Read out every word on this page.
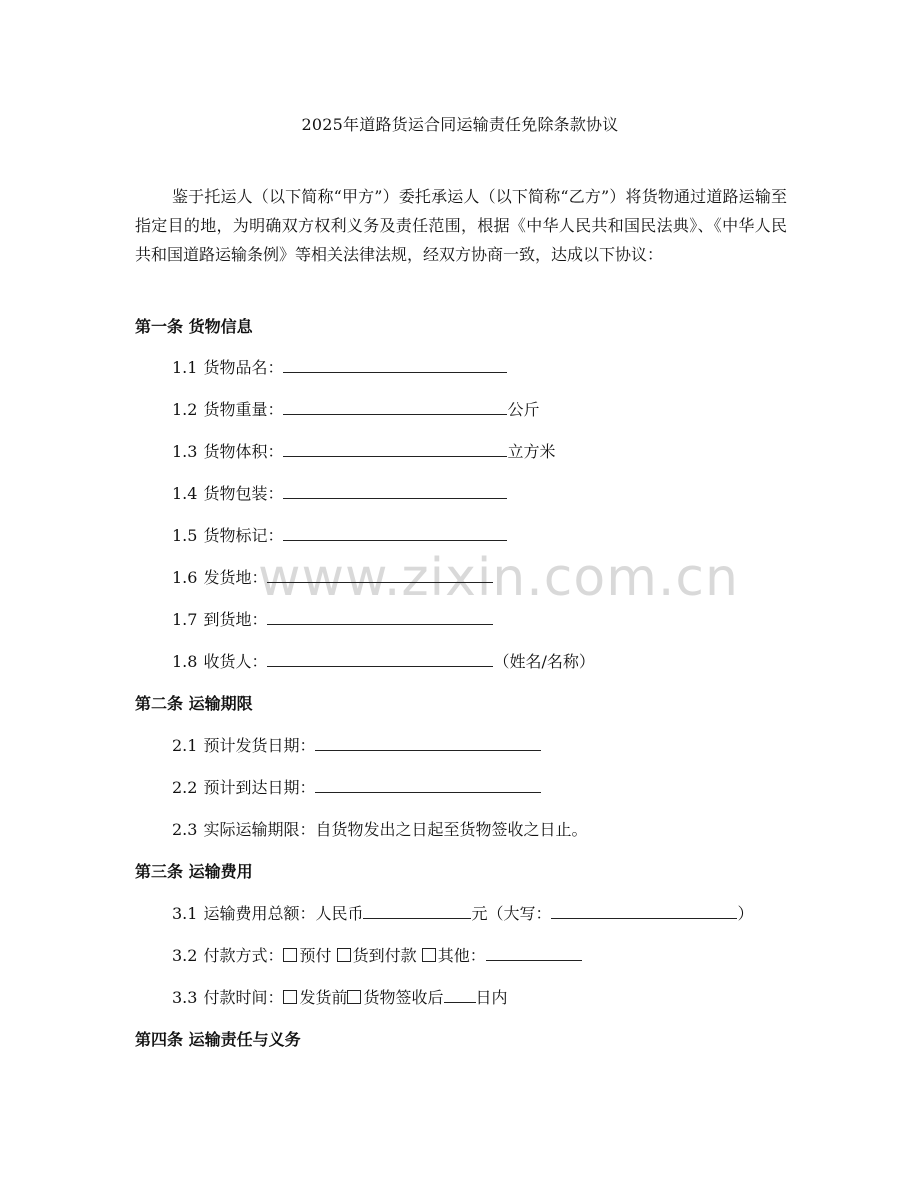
www.zixin.com.cn
2025年道路货运合同运输责任免除条款协议

鉴于托运人（以下简称“甲方”）委托承运人（以下简称“乙方”）将货物通过道路运输至指定目的地，为明确双方权利义务及责任范围，根据《中华人民共和国民法典》、《中华人民共和国道路运输条例》等相关法律法规，经双方协商一致，达成以下协议：

第一条 货物信息
1.1 货物品名：
1.2 货物重量：	公斤
1.3 货物体积：	立方米
1.4 货物包装：
1.5 货物标记：
1.6 发货地：
1.7 到货地：
1.8 收货人：	（姓名/名称）
第二条 运输期限
2.1 预计发货日期：
2.2 预计到达日期：
2.3 实际运输期限：自货物发出之日起至货物签收之日止。
第三条 运输费用
3.1 运输费用总额：人民币	元（大写：	）
3.2 付款方式： 预付 货到付款 其他：
3.3 付款时间： 发货前 货物签收后 日内
第四条 运输责任与义务
